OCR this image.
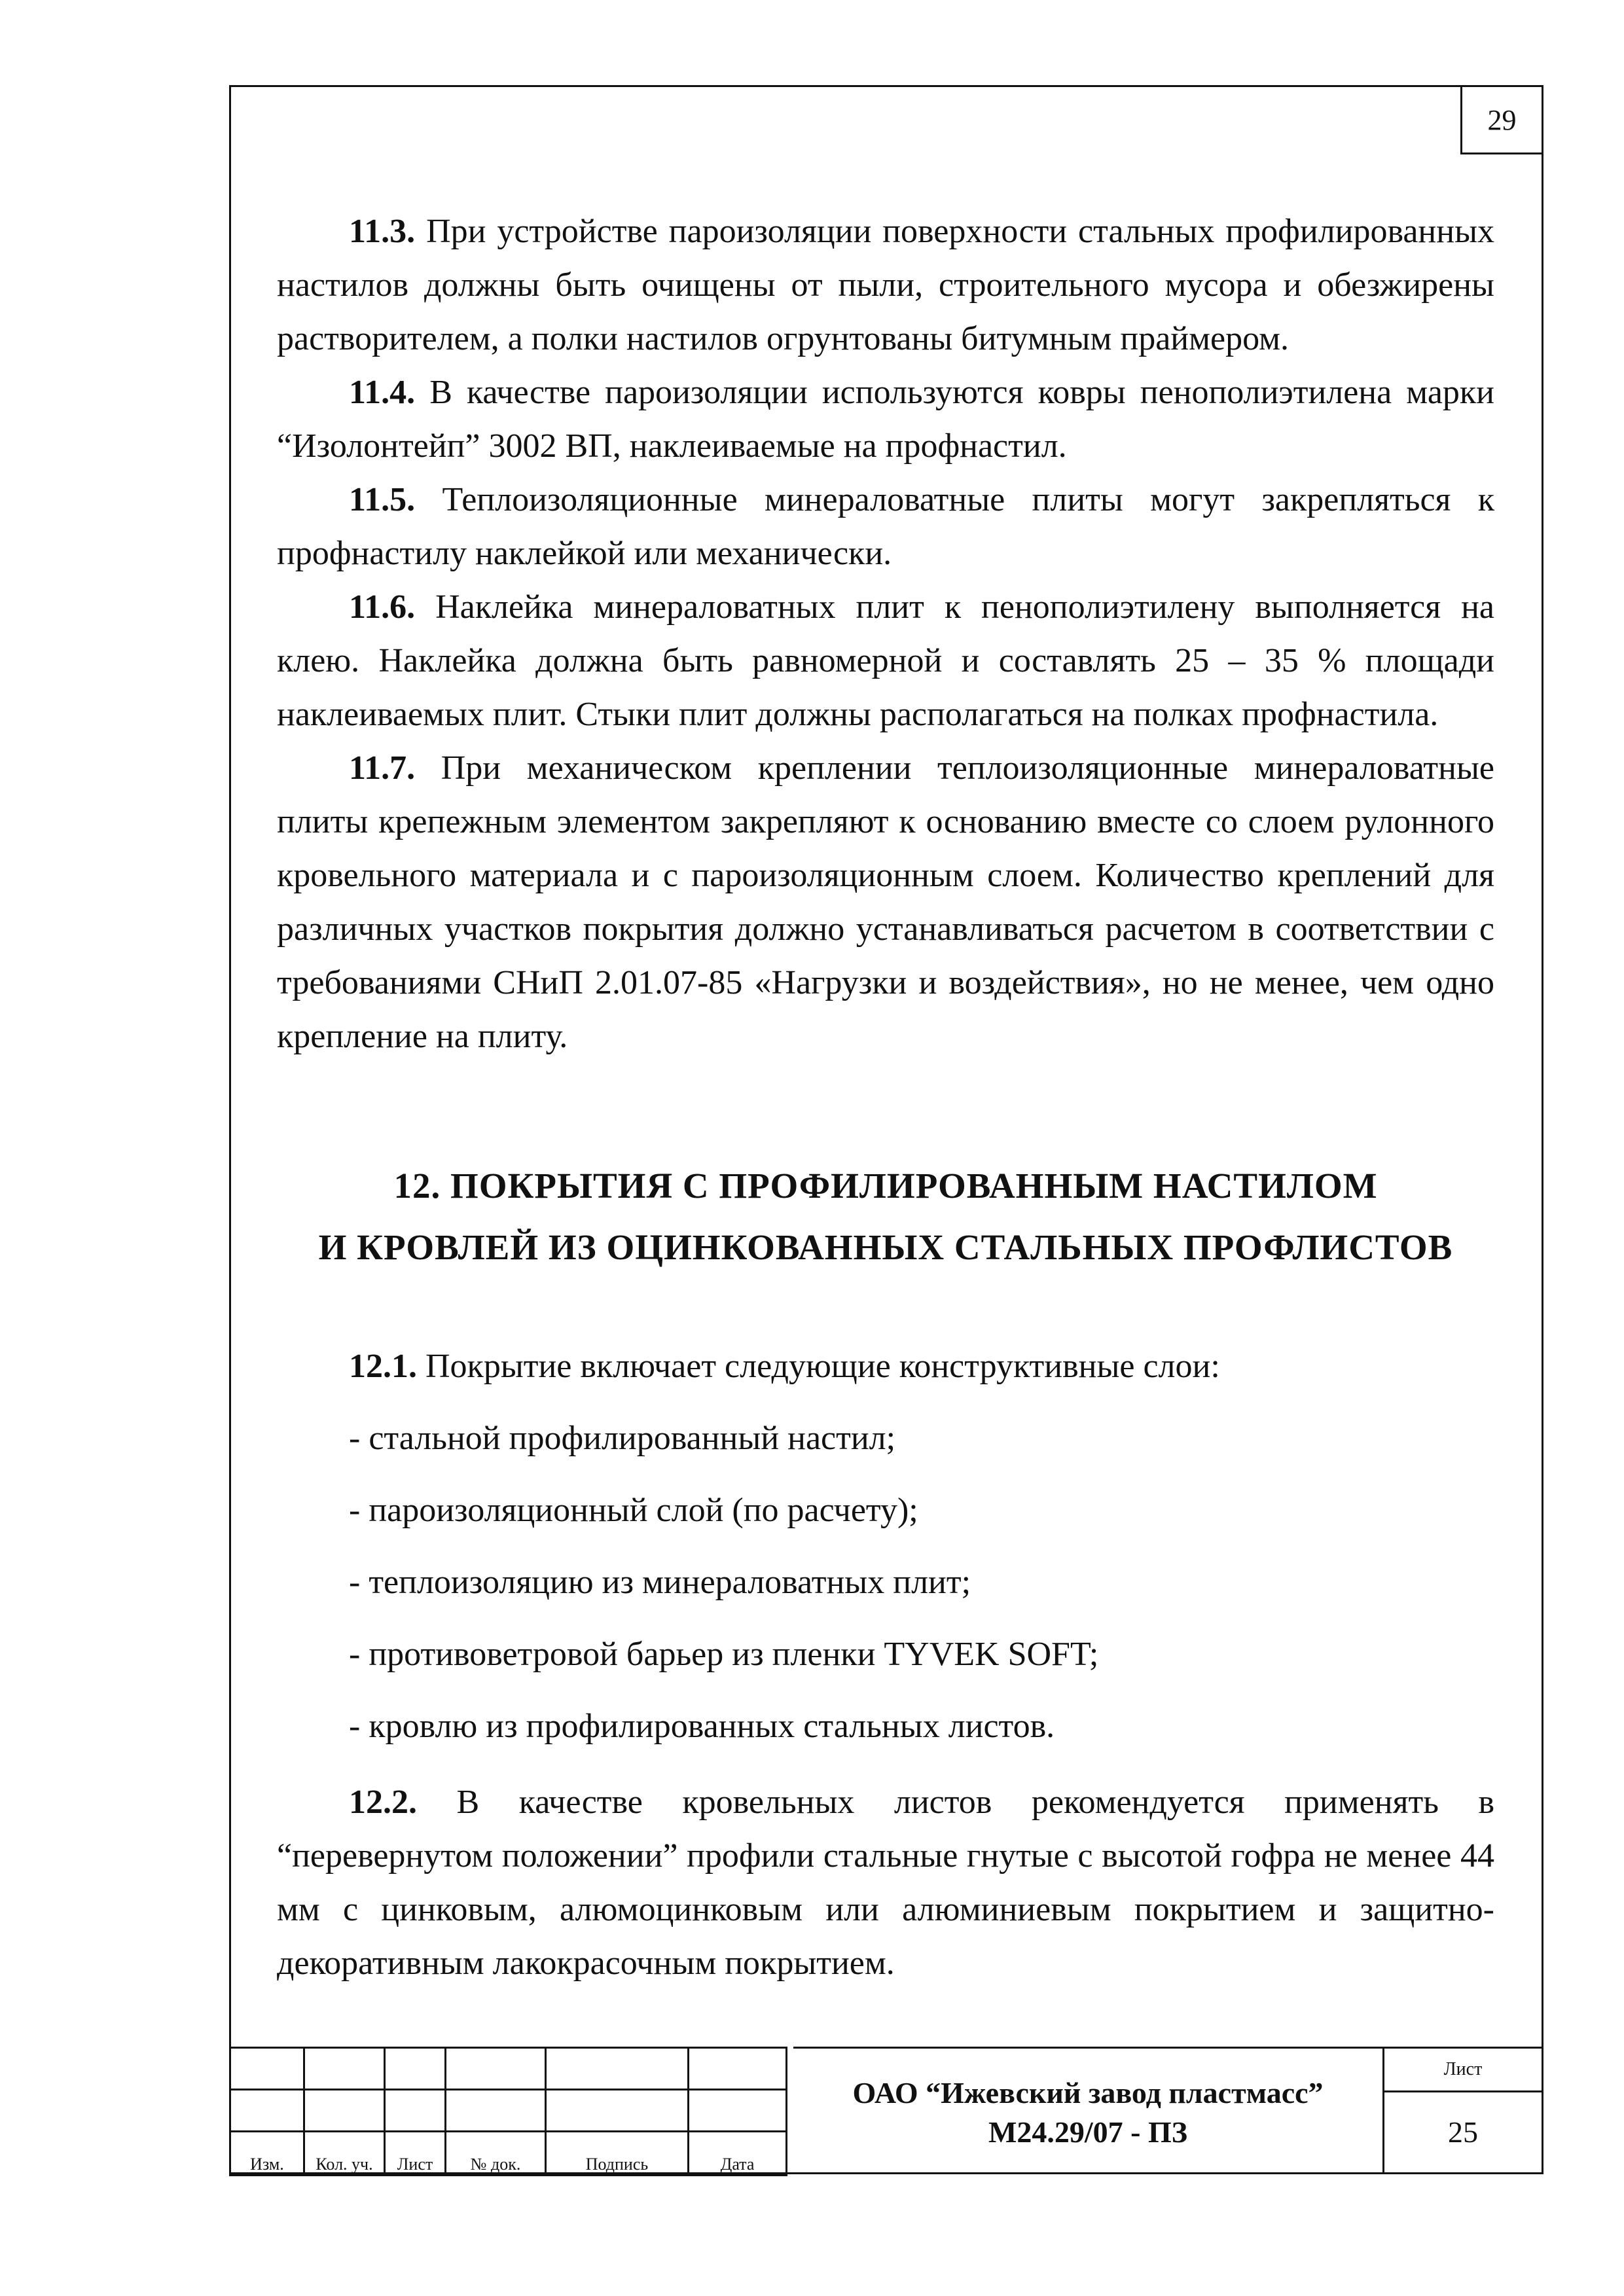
29

11.3. При устройстве пароизоляции поверхности стальных профилированных настилов должны быть очищены от пыли, строительного мусора и обезжирены растворителем, а полки настилов огрунтованы битумным праймером.

11.4. В качестве пароизоляции используются ковры пенополиэтилена марки “Изолонтейп” 3002 ВП, наклеиваемые на профнастил.

11.5. Теплоизоляционные минераловатные плиты могут закрепляться к профнастилу наклейкой или механически.

11.6. Наклейка минераловатных плит к пенополиэтилену выполняется на клею. Наклейка должна быть равномерной и составлять 25 – 35 % площади наклеиваемых плит. Стыки плит должны располагаться на полках профнастила.

11.7. При механическом креплении теплоизоляционные минераловатные плиты крепежным элементом закрепляют к основанию вместе со слоем рулонного кровельного материала и с пароизоляционным слоем. Количество креплений для различных участков покрытия должно устанавливаться расчетом в соответствии с требованиями СНиП 2.01.07-85 «Нагрузки и воздействия», но не менее, чем одно крепление на плиту.

12. ПОКРЫТИЯ С ПРОФИЛИРОВАННЫМ НАСТИЛОМ
И КРОВЛЕЙ ИЗ ОЦИНКОВАННЫХ СТАЛЬНЫХ ПРОФЛИСТОВ

12.1. Покрытие включает следующие конструктивные слои:

- стальной профилированный настил;

- пароизоляционный слой (по расчету);

- теплоизоляцию из минераловатных плит;

- противоветровой барьер из пленки TYVEK SOFT;

- кровлю из профилированных стальных листов.

12.2. В качестве кровельных листов рекомендуется применять в “перевернутом положении” профили стальные гнутые с высотой гофра не менее 44 мм с цинковым, алюмоцинковым или алюминиевым покрытием и защитно-декоративным лакокрасочным покрытием.

Изм.	Кол. уч.	Лист	№ док.	Подпись	Дата
ОАО “Ижевский завод пластмасс”
М24.29/07 - ПЗ
Лист
25
